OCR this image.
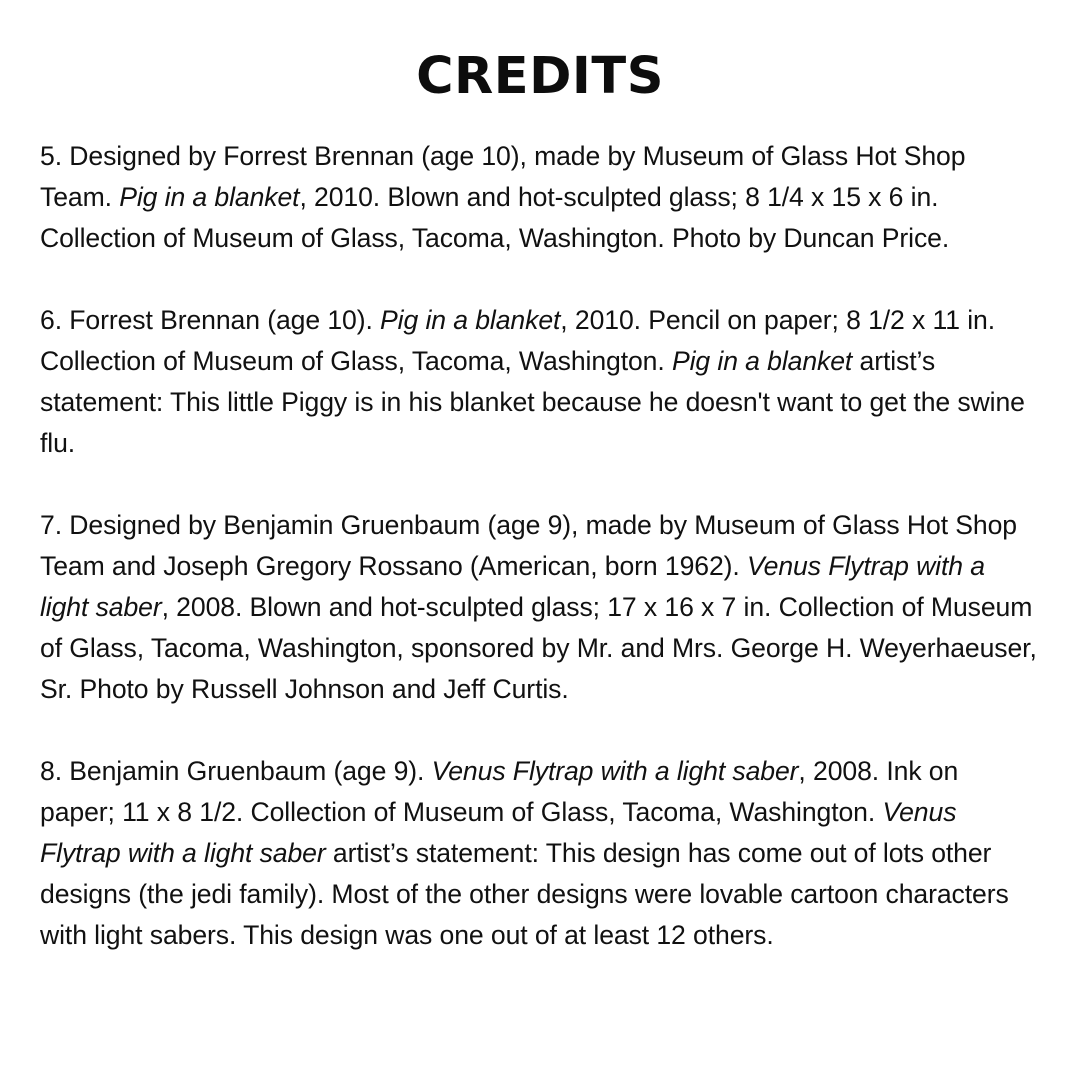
CREDITS

5. Designed by Forrest Brennan (age 10), made by Museum of Glass Hot Shop Team. Pig in a blanket, 2010. Blown and hot-sculpted glass; 8 1/4 x 15 x 6 in. Collection of Museum of Glass, Tacoma, Washington. Photo by Duncan Price.

6. Forrest Brennan (age 10). Pig in a blanket, 2010. Pencil on paper; 8 1/2 x 11 in. Collection of Museum of Glass, Tacoma, Washington. Pig in a blanket artist’s statement: This little Piggy is in his blanket because he doesn't want to get the swine flu.

7. Designed by Benjamin Gruenbaum (age 9), made by Museum of Glass Hot Shop Team and Joseph Gregory Rossano (American, born 1962). Venus Flytrap with a light saber, 2008. Blown and hot-sculpted glass; 17 x 16 x 7 in. Collection of Museum of Glass, Tacoma, Washington, sponsored by Mr. and Mrs. George H. Weyerhaeuser, Sr. Photo by Russell Johnson and Jeff Curtis.

8. Benjamin Gruenbaum (age 9). Venus Flytrap with a light saber, 2008. Ink on paper; 11 x 8 1/2. Collection of Museum of Glass, Tacoma, Washington. Venus Flytrap with a light saber artist’s statement: This design has come out of lots other designs (the jedi family). Most of the other designs were lovable cartoon characters with light sabers. This design was one out of at least 12 others.
